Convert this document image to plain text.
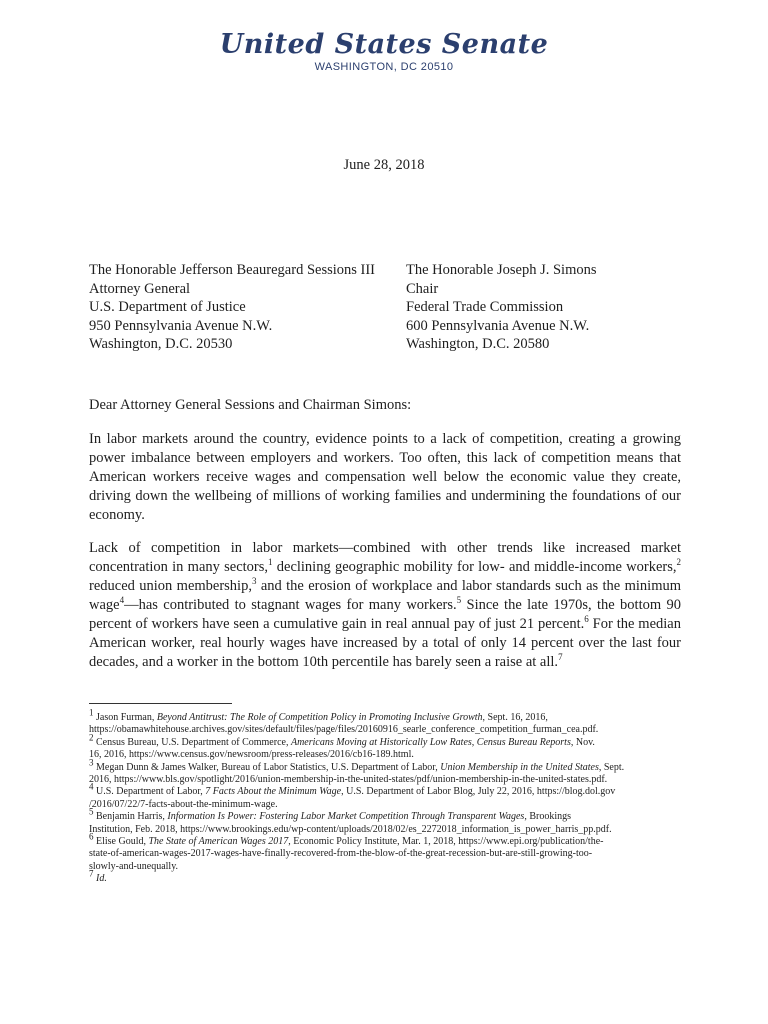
United States Senate
WASHINGTON, DC 20510
June 28, 2018
The Honorable Jefferson Beauregard Sessions III
Attorney General
U.S. Department of Justice
950 Pennsylvania Avenue N.W.
Washington, D.C. 20530
The Honorable Joseph J. Simons
Chair
Federal Trade Commission
600 Pennsylvania Avenue N.W.
Washington, D.C. 20580
Dear Attorney General Sessions and Chairman Simons:

In labor markets around the country, evidence points to a lack of competition, creating a growing power imbalance between employers and workers. Too often, this lack of competition means that American workers receive wages and compensation well below the economic value they create, driving down the wellbeing of millions of working families and undermining the foundations of our economy.

Lack of competition in labor markets—combined with other trends like increased market concentration in many sectors,$^1$ declining geographic mobility for low- and middle-income workers,$^2$ reduced union membership,$^3$ and the erosion of workplace and labor standards such as the minimum wage$^4$—has contributed to stagnant wages for many workers.$^5$ Since the late 1970s, the bottom 90 percent of workers have seen a cumulative gain in real annual pay of just 21 percent.$^6$ For the median American worker, real hourly wages have increased by a total of only 14 percent over the last four decades, and a worker in the bottom 10th percentile has barely seen a raise at all.$^7$

$^1$ Jason Furman, Beyond Antitrust: The Role of Competition Policy in Promoting Inclusive Growth, Sept. 16, 2016,
https://obamawhitehouse.archives.gov/sites/default/files/page/files/20160916_searle_conference_competition_furman_cea.pdf.

$^2$ Census Bureau, U.S. Department of Commerce, Americans Moving at Historically Low Rates, Census Bureau Reports, Nov.
16, 2016, https://www.census.gov/newsroom/press-releases/2016/cb16-189.html.

$^3$ Megan Dunn & James Walker, Bureau of Labor Statistics, U.S. Department of Labor, Union Membership in the United States, Sept.
2016, https://www.bls.gov/spotlight/2016/union-membership-in-the-united-states/pdf/union-membership-in-the-united-states.pdf.

$^4$ U.S. Department of Labor, 7 Facts About the Minimum Wage, U.S. Department of Labor Blog, July 22, 2016, https://blog.dol.gov
/2016/07/22/7-facts-about-the-minimum-wage.

$^5$ Benjamin Harris, Information Is Power: Fostering Labor Market Competition Through Transparent Wages, Brookings
Institution, Feb. 2018, https://www.brookings.edu/wp-content/uploads/2018/02/es_2272018_information_is_power_harris_pp.pdf.

$^6$ Elise Gould, The State of American Wages 2017, Economic Policy Institute, Mar. 1, 2018, https://www.epi.org/publication/the-
state-of-american-wages-2017-wages-have-finally-recovered-from-the-blow-of-the-great-recession-but-are-still-growing-too-
slowly-and-unequally.

$^7$ Id.
